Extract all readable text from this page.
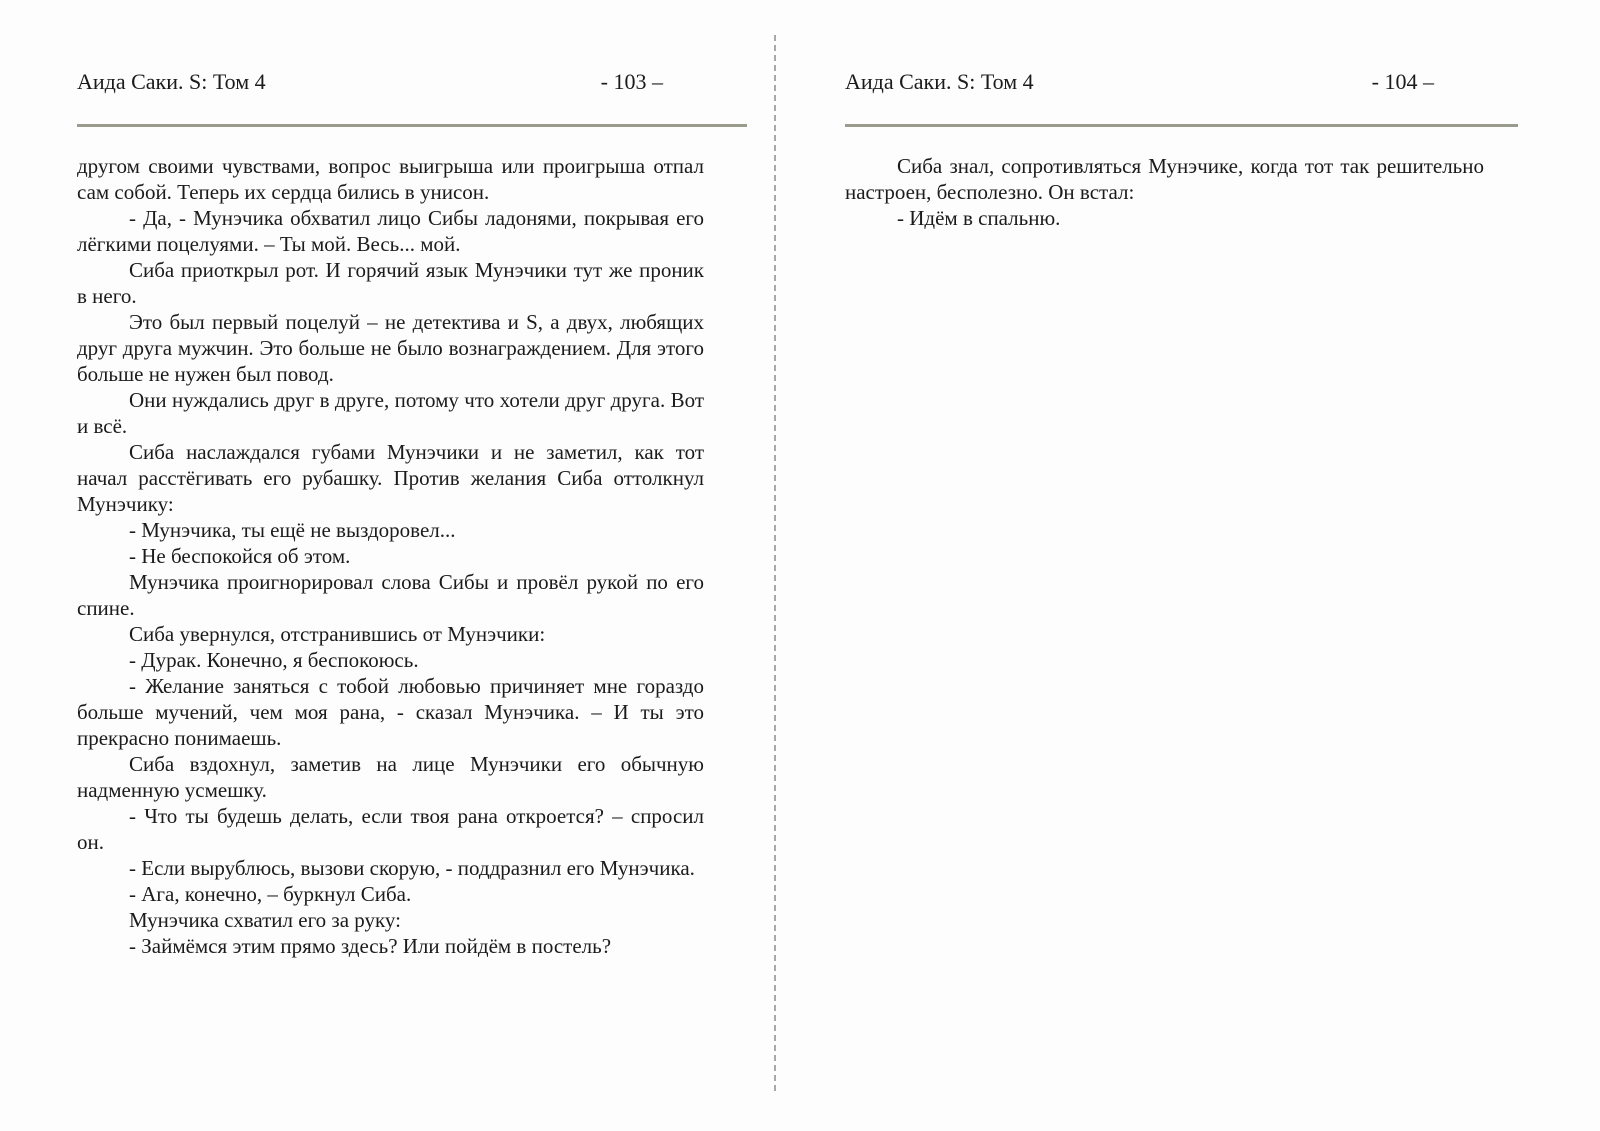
Аида Саки. S: Том 4	- 103 –

другом своими чувствами, вопрос выигрыша или проигрыша отпал сам собой. Теперь их сердца бились в унисон.

- Да, - Мунэчика обхватил лицо Сибы ладонями, покрывая его лёгкими поцелуями. – Ты мой. Весь... мой.

Сиба приоткрыл рот. И горячий язык Мунэчики тут же проник в него.

Это был первый поцелуй – не детектива и S, а двух, любящих друг друга мужчин. Это больше не было вознаграждением. Для этого больше не нужен был повод.

Они нуждались друг в друге, потому что хотели друг друга. Вот и всё.

Сиба наслаждался губами Мунэчики и не заметил, как тот начал расстёгивать его рубашку. Против желания Сиба оттолкнул Мунэчику:

- Мунэчика, ты ещё не выздоровел...

- Не беспокойся об этом.

Мунэчика проигнорировал слова Сибы и провёл рукой по его спине.

Сиба увернулся, отстранившись от Мунэчики:

- Дурак. Конечно, я беспокоюсь.

- Желание заняться с тобой любовью причиняет мне гораздо больше мучений, чем моя рана, - сказал Мунэчика. – И ты это прекрасно понимаешь.

Сиба вздохнул, заметив на лице Мунэчики его обычную надменную усмешку.

- Что ты будешь делать, если твоя рана откроется? – спросил он.

- Если вырублюсь, вызови скорую, - поддразнил его Мунэчика.

- Ага, конечно, – буркнул Сиба.

Мунэчика схватил его за руку:

- Займёмся этим прямо здесь? Или пойдём в постель?

Аида Саки. S: Том 4	- 104 –

Сиба знал, сопротивляться Мунэчике, когда тот так решительно настроен, бесполезно. Он встал:

- Идём в спальню.
